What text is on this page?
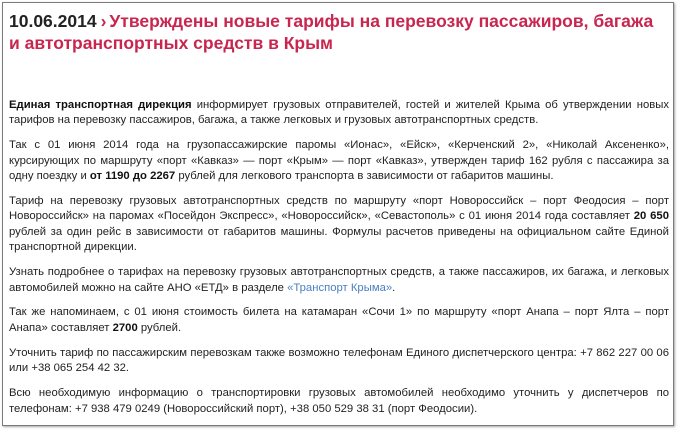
10.06.2014 › Утверждены новые тарифы на перевозку пассажиров, багажа и автотранспортных средств в Крым

Единая транспортная дирекция информирует грузовых отправителей, гостей и жителей Крыма об утверждении новых тарифов на перевозку пассажиров, багажа, а также легковых и грузовых автотранспортных средств.

Так с 01 июня 2014 года на грузопассажирские паромы «Ионас», «Ейск», «Керченский 2», «Николай Аксененко», курсирующих по маршруту «порт «Кавказ» — порт «Крым» — порт «Кавказ», утвержден тариф 162 рубля с пассажира за одну поездку и от 1190 до 2267 рублей для легкового транспорта в зависимости от габаритов машины.

Тариф на перевозку грузовых автотранспортных средств по маршруту «порт Новороссийск – порт Феодосия – порт Новороссийск» на паромах «Посейдон Экспресс», «Новороссийск», «Севастополь» с 01 июня 2014 года составляет 20 650 рублей за один рейс в зависимости от габаритов машины. Формулы расчетов приведены на официальном сайте Единой транспортной дирекции.

Узнать подробнее о тарифах на перевозку грузовых автотранспортных средств, а также пассажиров, их багажа, и легковых автомобилей можно на сайте АНО «ЕТД» в разделе «Транспорт Крыма».

Так же напоминаем, с 01 июня стоимость билета на катамаран «Сочи 1» по маршруту «порт Анапа – порт Ялта – порт Анапа» составляет 2700 рублей.

Уточнить тариф по пассажирским перевозкам также возможно телефонам Единого диспетчерского центра: +7 862 227 00 06 или +38 065 254 42 32.

Всю необходимую информацию о транспортировки грузовых автомобилей необходимо уточнить у диспетчеров по телефонам: +7 938 479 0249 (Новороссийский порт), +38 050 529 38 31 (порт Феодосии).
